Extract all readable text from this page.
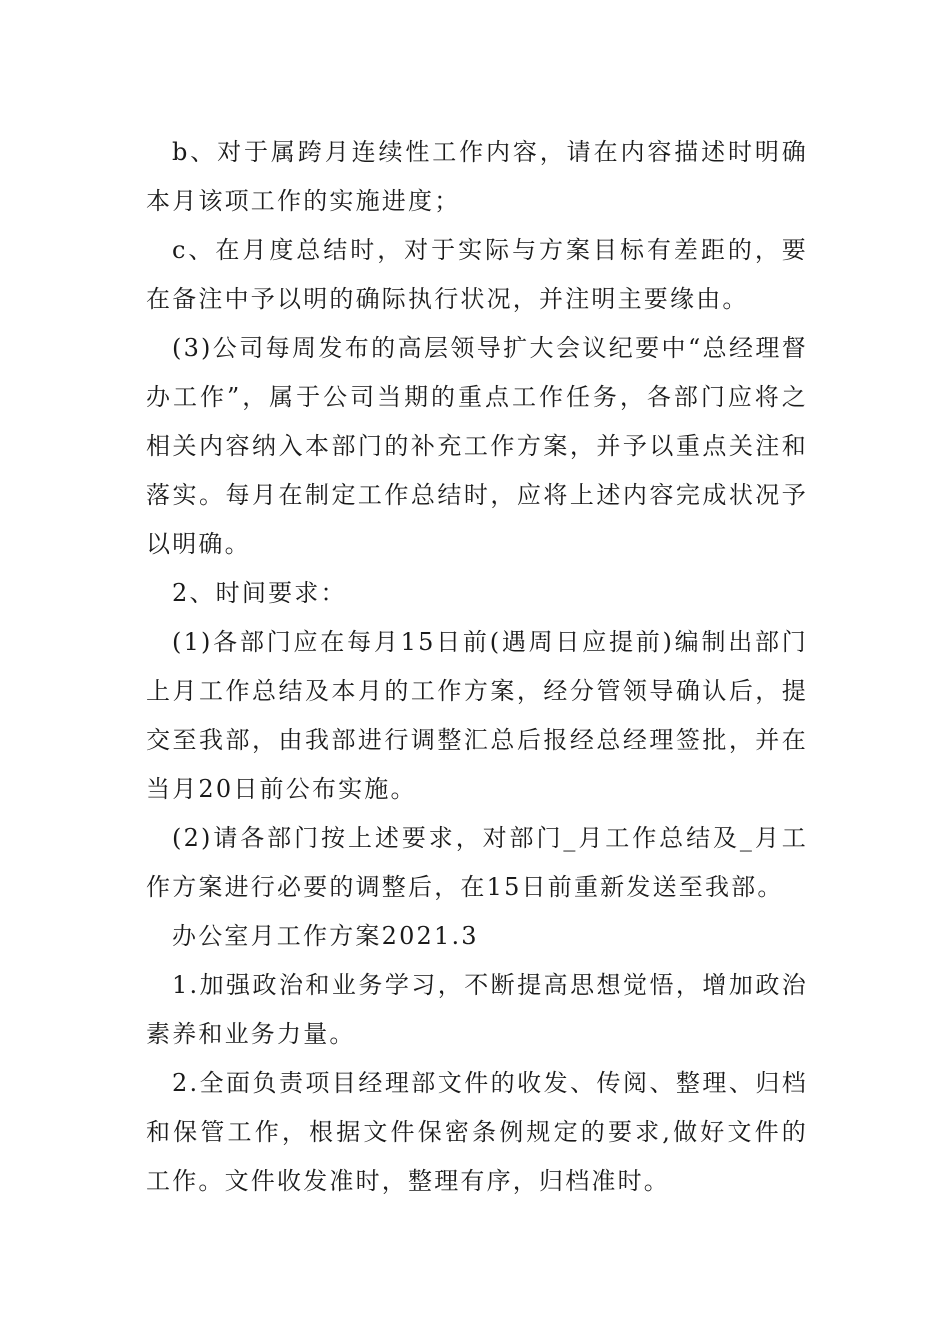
b、对于属跨月连续性工作内容，请在内容描述时明确本月该项工作的实施进度；

c、在月度总结时，对于实际与方案目标有差距的，要在备注中予以明的确际执行状况，并注明主要缘由。

(3)公司每周发布的高层领导扩大会议纪要中“总经理督办工作”，属于公司当期的重点工作任务，各部门应将之相关内容纳入本部门的补充工作方案，并予以重点关注和落实。每月在制定工作总结时，应将上述内容完成状况予以明确。

2、时间要求：

(1)各部门应在每月15日前(遇周日应提前)编制出部门上月工作总结及本月的工作方案，经分管领导确认后，提交至我部，由我部进行调整汇总后报经总经理签批，并在当月20日前公布实施。

(2)请各部门按上述要求，对部门_月工作总结及_月工作方案进行必要的调整后，在15日前重新发送至我部。

办公室月工作方案2021.3

1.加强政治和业务学习，不断提高思想觉悟，增加政治素养和业务力量。

2.全面负责项目经理部文件的收发、传阅、整理、归档和保管工作，根据文件保密条例规定的要求,做好文件的工作。文件收发准时，整理有序，归档准时。
